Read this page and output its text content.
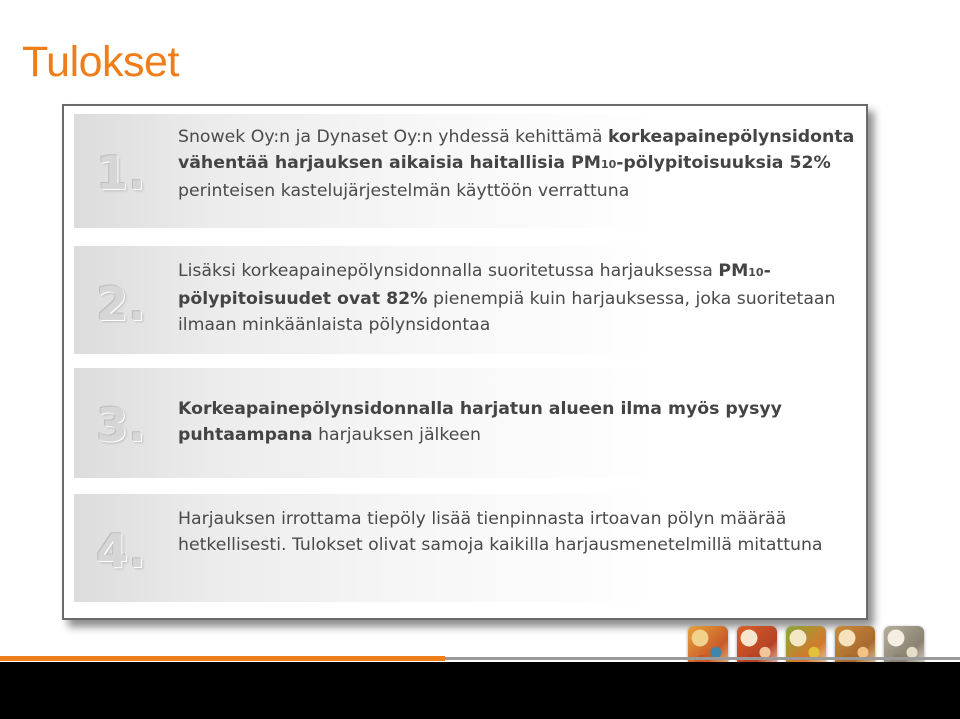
Tulokset
1.
Snowek Oy:n ja Dynaset Oy:n yhdessä kehittämä korkeapainepölynsidonta vähentää harjauksen aikaisia haitallisia PM10-pölypitoisuuksia 52% perinteisen kastelujärjestelmän käyttöön verrattuna
2.
Lisäksi korkeapainepölynsidonnalla suoritetussa harjauksessa PM10-pölypitoisuudet ovat 82% pienempiä kuin harjauksessa, joka suoritetaan ilmaan minkäänlaista pölynsidontaa
3.	Korkeapainepölynsidonnalla harjatun alueen ilma myös pysyy puhtaampana harjauksen jälkeen
4.
Harjauksen irrottama tiepöly lisää tienpinnasta irtoavan pölyn määrää hetkellisesti. Tulokset olivat samoja kaikilla harjausmenetelmillä mitattuna
